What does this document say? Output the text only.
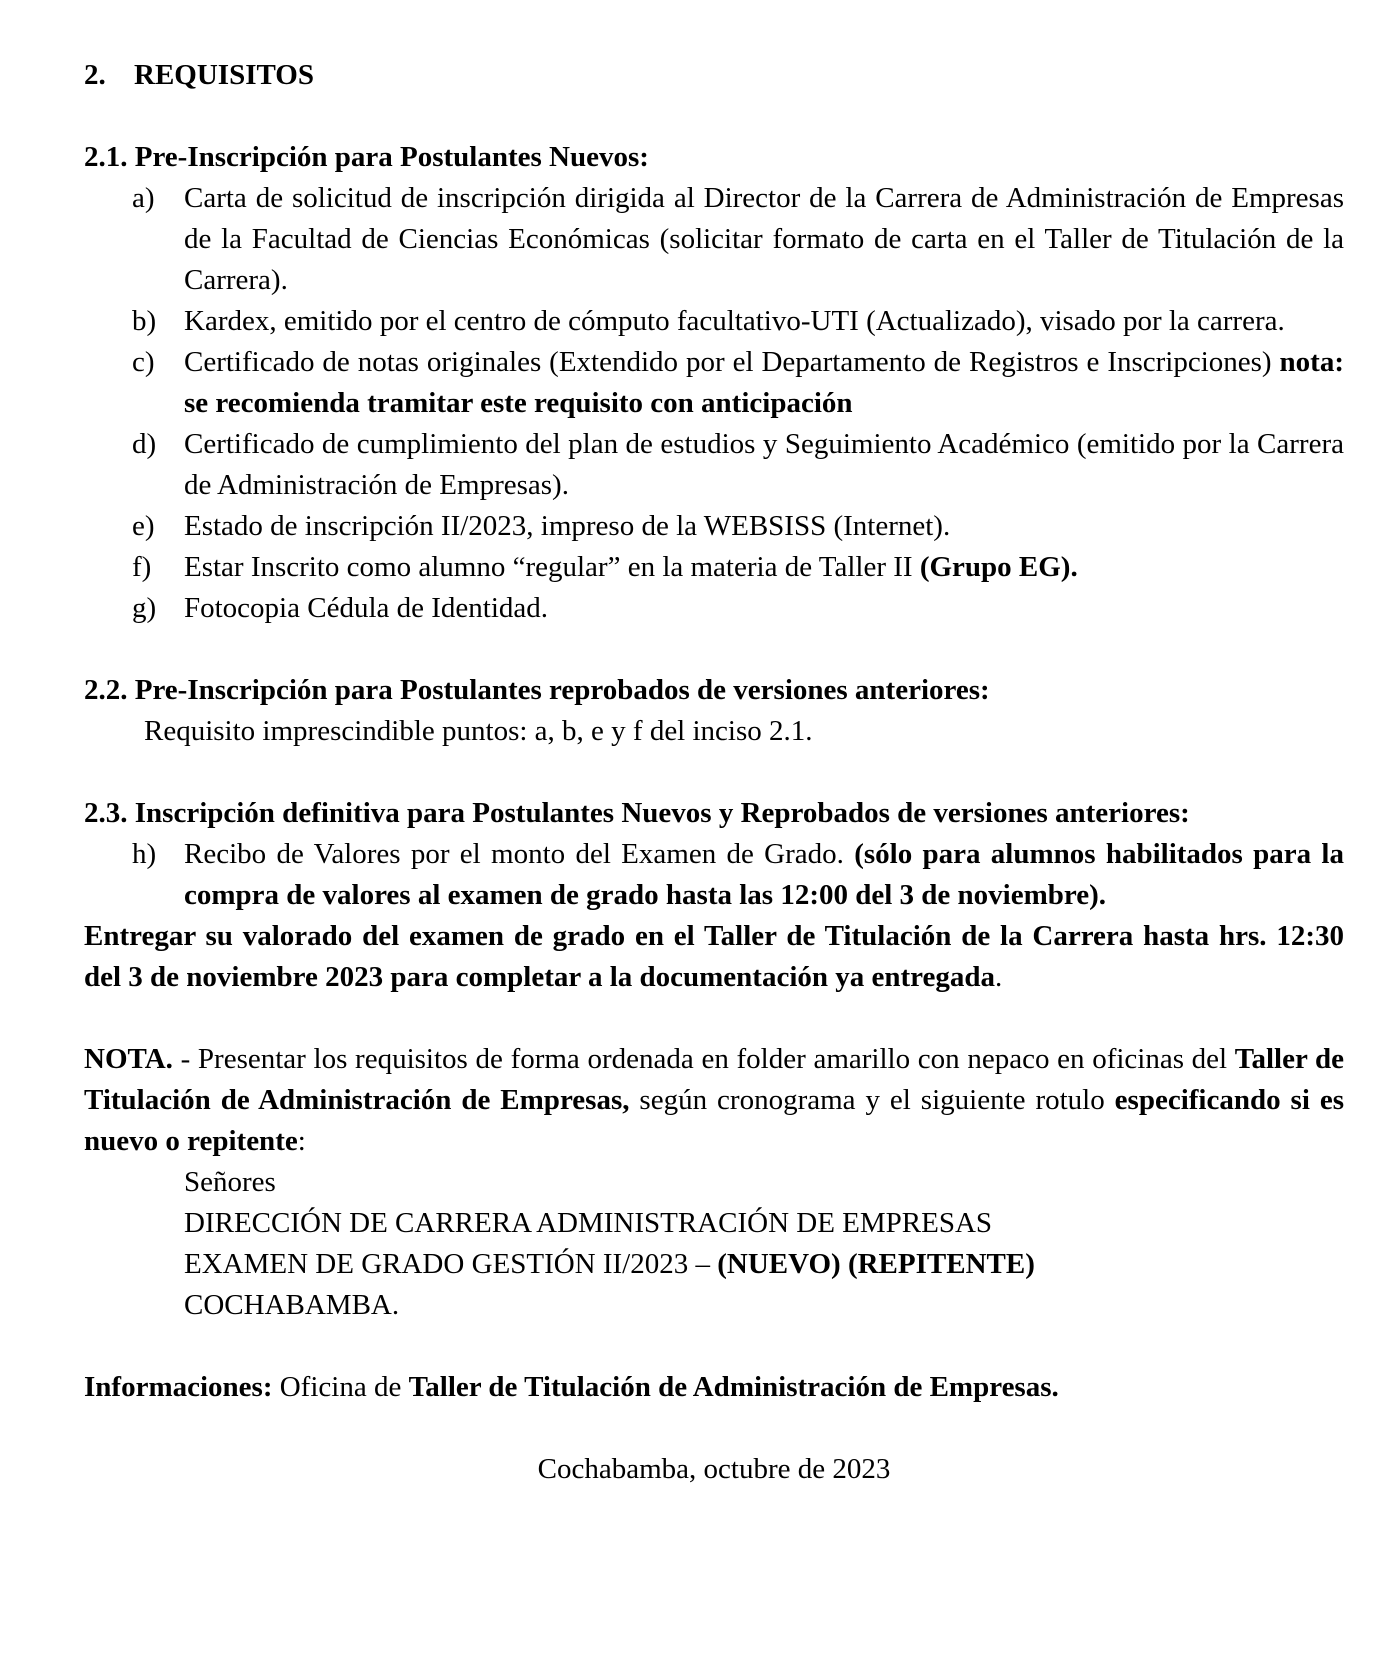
2. REQUISITOS
2.1. Pre-Inscripción para Postulantes Nuevos:
a) Carta de solicitud de inscripción dirigida al Director de la Carrera de Administración de Empresas de la Facultad de Ciencias Económicas (solicitar formato de carta en el Taller de Titulación de la Carrera).
b) Kardex, emitido por el centro de cómputo facultativo-UTI (Actualizado), visado por la carrera.
c) Certificado de notas originales (Extendido por el Departamento de Registros e Inscripciones) nota: se recomienda tramitar este requisito con anticipación
d) Certificado de cumplimiento del plan de estudios y Seguimiento Académico (emitido por la Carrera de Administración de Empresas).
e) Estado de inscripción II/2023, impreso de la WEBSISS (Internet).
f) Estar Inscrito como alumno “regular” en la materia de Taller II (Grupo EG).
g) Fotocopia Cédula de Identidad.
2.2. Pre-Inscripción para Postulantes reprobados de versiones anteriores:
Requisito imprescindible puntos: a, b, e y f del inciso 2.1.
2.3. Inscripción definitiva para Postulantes Nuevos y Reprobados de versiones anteriores:
h) Recibo de Valores por el monto del Examen de Grado. (sólo para alumnos habilitados para la compra de valores al examen de grado hasta las 12:00 del 3 de noviembre).
Entregar su valorado del examen de grado en el Taller de Titulación de la Carrera hasta hrs. 12:30 del 3 de noviembre 2023 para completar a la documentación ya entregada.
NOTA. - Presentar los requisitos de forma ordenada en folder amarillo con nepaco en oficinas del Taller de Titulación de Administración de Empresas, según cronograma y el siguiente rotulo especificando si es nuevo o repitente:
Señores
DIRECCIÓN DE CARRERA ADMINISTRACIÓN DE EMPRESAS
EXAMEN DE GRADO GESTIÓN II/2023 – (NUEVO) (REPITENTE)
COCHABAMBA.
Informaciones: Oficina de Taller de Titulación de Administración de Empresas.
Cochabamba, octubre de 2023
